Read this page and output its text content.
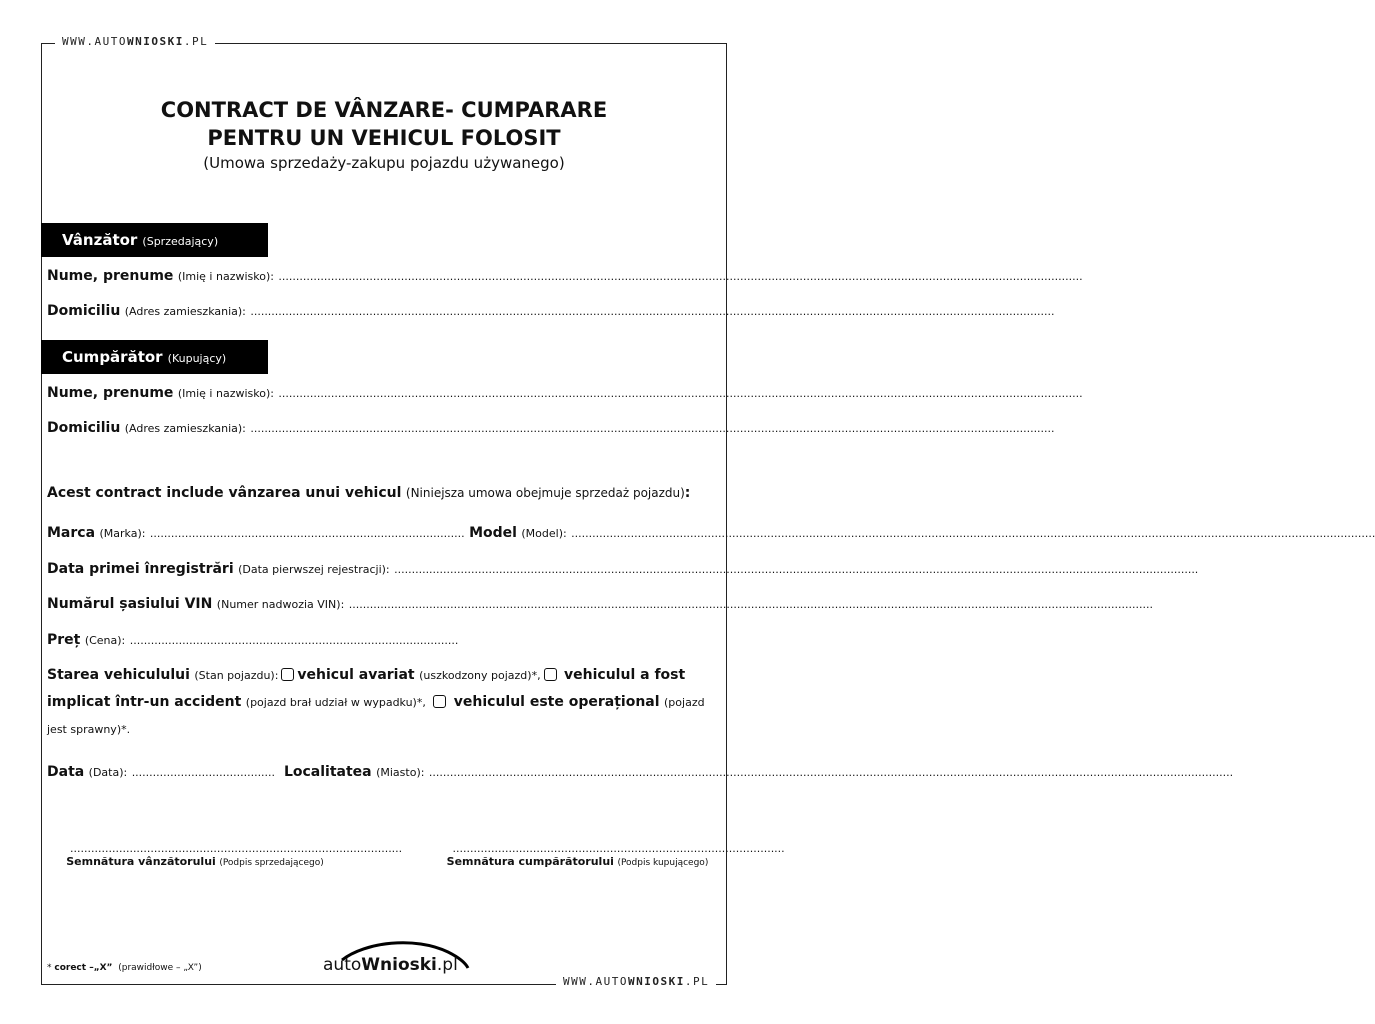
WWW.AUTOWNIOSKI.PL
CONTRACT DE VÂNZARE- CUMPARARE
PENTRU UN VEHICUL FOLOSIT
(Umowa sprzedaży-zakupu pojazdu używanego)
Vânzător (Sprzedający)
Nume, prenume (Imię i nazwisko): ......................................................................................................................................................................................................................................
Domiciliu (Adres zamieszkania): ......................................................................................................................................................................................................................................
Cumpărător (Kupujący)
Nume, prenume (Imię i nazwisko): ......................................................................................................................................................................................................................................
Domiciliu (Adres zamieszkania): ......................................................................................................................................................................................................................................
Acest contract include vânzarea unui vehicul (Niniejsza umowa obejmuje sprzedaż pojazdu):
Marca (Marka): .......................................................................................... Model (Model): ......................................................................................................................................................................................................................................
Data primei înregistrări (Data pierwszej rejestracji): ......................................................................................................................................................................................................................................
Numărul șasiului VIN (Numer nadwozia VIN): ......................................................................................................................................................................................................................................
Preț (Cena): ..............................................................................................
Starea vehiculului (Stan pojazdu): vehicul avariat (uszkodzony pojazd)*, vehiculul a fost implicat într-un accident (pojazd brał udział w wypadku)*, vehiculul este operațional (pojazd jest sprawny)*.
Data (Data): ......................................... Localitatea (Miasto): ......................................................................................................................................................................................................................................
...............................................................................................
Semnătura vânzătorului (Podpis sprzedającego)
...............................................................................................
Semnătura cumpărătorului (Podpis kupującego)
* corect –„X” (prawidłowe – „X”)	autoWnioski.pl
WWW.AUTOWNIOSKI.PL
